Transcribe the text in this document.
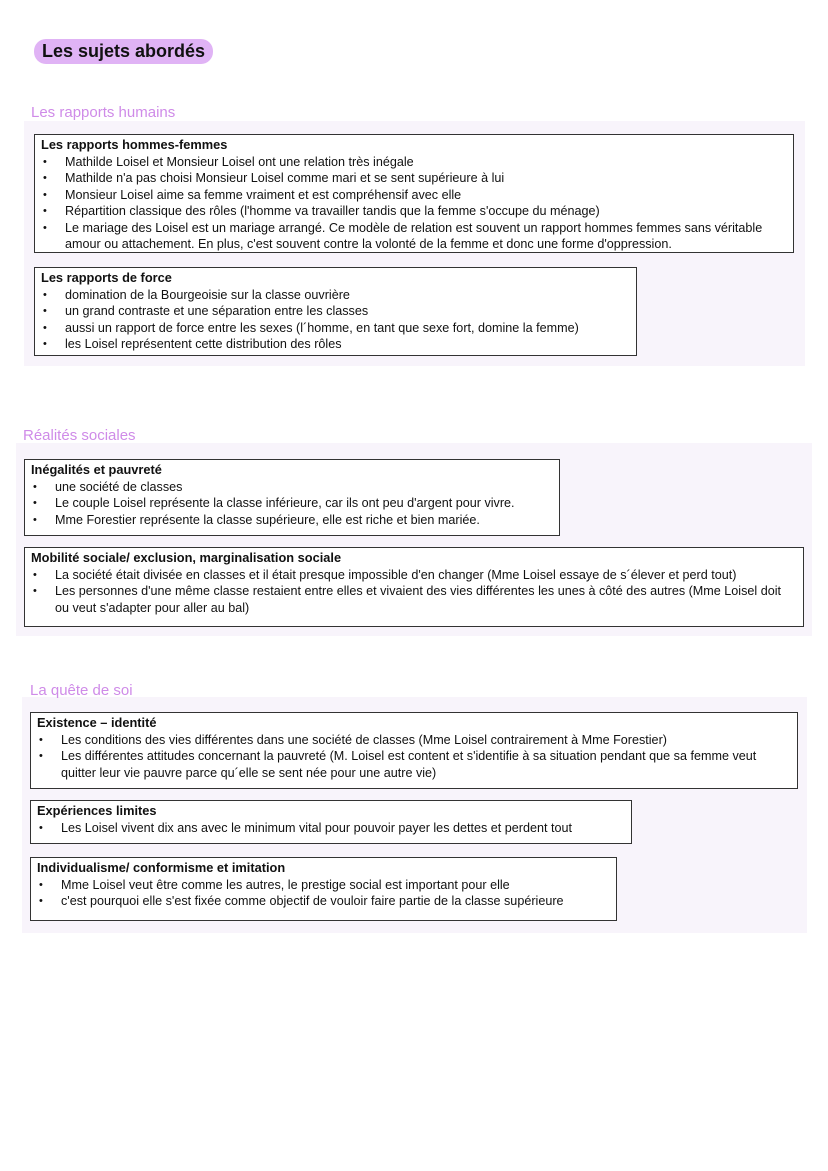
Les sujets abordés
Les rapports humains
Les rapports hommes-femmes
• Mathilde Loisel et Monsieur Loisel ont une relation très inégale
• Mathilde n'a pas choisi Monsieur Loisel comme mari et se sent supérieure à lui
• Monsieur Loisel aime sa femme vraiment et est compréhensif avec elle
• Répartition classique des rôles (l'homme va travailler tandis que la femme s'occupe du ménage)
• Le mariage des Loisel est un mariage arrangé. Ce modèle de relation est souvent un rapport hommes femmes sans véritable amour ou attachement. En plus, c'est souvent contre la volonté de la femme et donc une forme d'oppression.
Les rapports de force
• domination de la Bourgeoisie sur la classe ouvrière
• un grand contraste et une séparation entre les classes
• aussi un rapport de force entre les sexes (l´homme, en tant que sexe fort, domine la femme)
• les Loisel représentent cette distribution des rôles
Réalités sociales
Inégalités et pauvreté
• une société de classes
• Le couple Loisel représente la classe inférieure, car ils ont peu d'argent pour vivre.
• Mme Forestier représente la classe supérieure, elle est riche et bien mariée.
Mobilité sociale/ exclusion, marginalisation sociale
• La société était divisée en classes et il était presque impossible d'en changer (Mme Loisel essaye de s´élever et perd tout)
• Les personnes d'une même classe restaient entre elles et vivaient des vies différentes les unes à côté des autres (Mme Loisel doit ou veut s'adapter pour aller au bal)
La quête de soi
Existence – identité
• Les conditions des vies différentes dans une société de classes (Mme Loisel contrairement à Mme Forestier)
• Les différentes attitudes concernant la pauvreté (M. Loisel est content et s'identifie à sa situation pendant que sa femme veut quitter leur vie pauvre parce qu´elle se sent née pour une autre vie)
Expériences limites
• Les Loisel vivent dix ans avec le minimum vital pour pouvoir payer les dettes et perdent tout
Individualisme/ conformisme et imitation
• Mme Loisel veut être comme les autres, le prestige social est important pour elle
• c'est pourquoi elle s'est fixée comme objectif de vouloir faire partie de la classe supérieure
